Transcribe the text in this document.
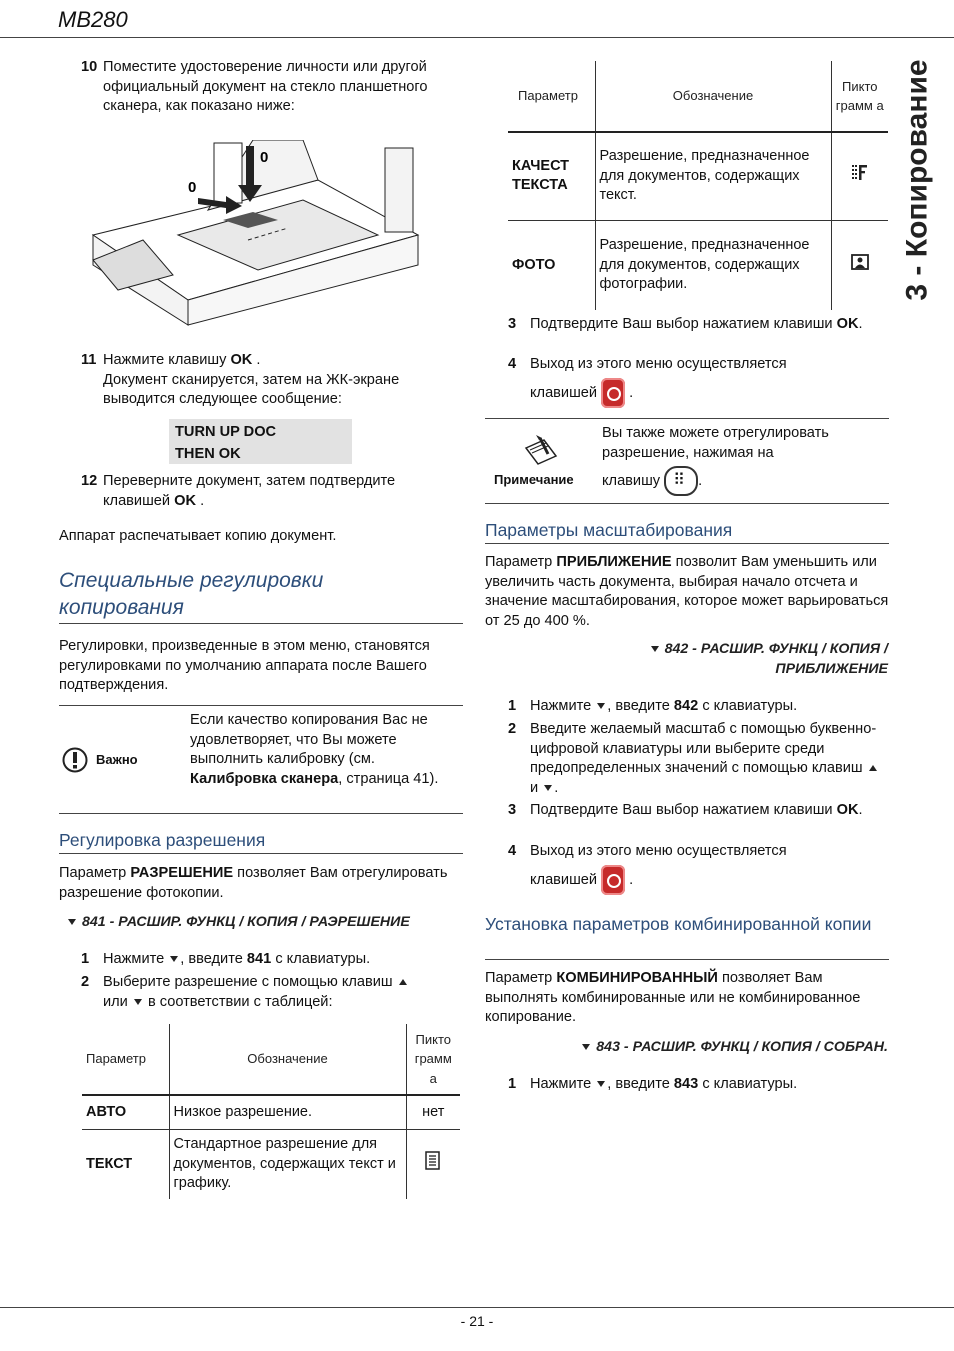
MB280
3 - Копирование
10 Поместите удостоверение личности или другой официальный документ на стекло планшетного сканера, как показано ниже:
0
0
11 Нажмите клавишу OK .
Документ сканируется, затем на ЖК-экране выводится следующее сообщение:
TURN UP DOC
THEN OK
12 Переверните документ, затем подтвердите клавишей OK .
Аппарат распечатывает копию документ.
Специальные регулировки копирования
Регулировки, произведенные в этом меню, становятся регулировками по умолчанию аппарата после Вашего подтверждения.
Важно
Если качество копирования Вас не удовлетворяет, что Вы можете выполнить калибровку (см. Калибровка сканера, страница 41).
Регулировка разрешения
Параметр РАЗРЕШЕНИЕ позволяет Вам отрегулировать разрешение фотокопии.
841 - РАСШИР. ФУНКЦ / КОПИЯ / РАЭРЕШЕНИЕ
1 Нажмите , введите 841 с клавиатуры.
2 Выберите разрешение с помощью клавиш
или  в соответствии с таблицей:
Параметр	Обозначение	Пикто грамм а
АВТО	Низкое разрешение.	нет
ТЕКСТ	Стандартное разрешение для документов, содержащих текст и графику.	
Параметр	Обозначение	Пикто грамм а
КАЧЕСТ ТЕКСТА	Разрешение, предназначенное для документов, содержащих текст.	
ФОТО	Разрешение, предназначенное для документов, содержащих фотографии.	
3 Подтвердите Ваш выбор нажатием клавиши OK.
4 Выход из этого меню осуществляется
клавишей  .
Примечание
Вы также можете отрегулировать разрешение, нажимая на
клавишу ⠿.
Параметры масштабирования
Параметр ПРИБЛИЖЕНИЕ позволит Вам уменьшить или увеличить часть документа, выбирая начало отсчета и значение масштабирования, которое может варьироваться от 25 до 400 %.
842 - РАСШИР. ФУНКЦ / КОПИЯ /
ПРИБЛИЖЕНИЕ
1 Нажмите , введите 842 с клавиатуры.
2 Введите желаемый масштаб с помощью буквенно-цифровой клавиатуры или выберите среди предопределенных значений с помощью клавиш  и .
3 Подтвердите Ваш выбор нажатием клавиши OK.
4 Выход из этого меню осуществляется
клавишей  .
Установка параметров комбинированной копии
Параметр КОМБИНИРОВАННЫЙ позволяет Вам выполнять комбинированные или не комбинированное копирование.
843 - РАСШИР. ФУНКЦ / КОПИЯ / СОБРАН.
1 Нажмите , введите 843 с клавиатуры.
- 21 -
